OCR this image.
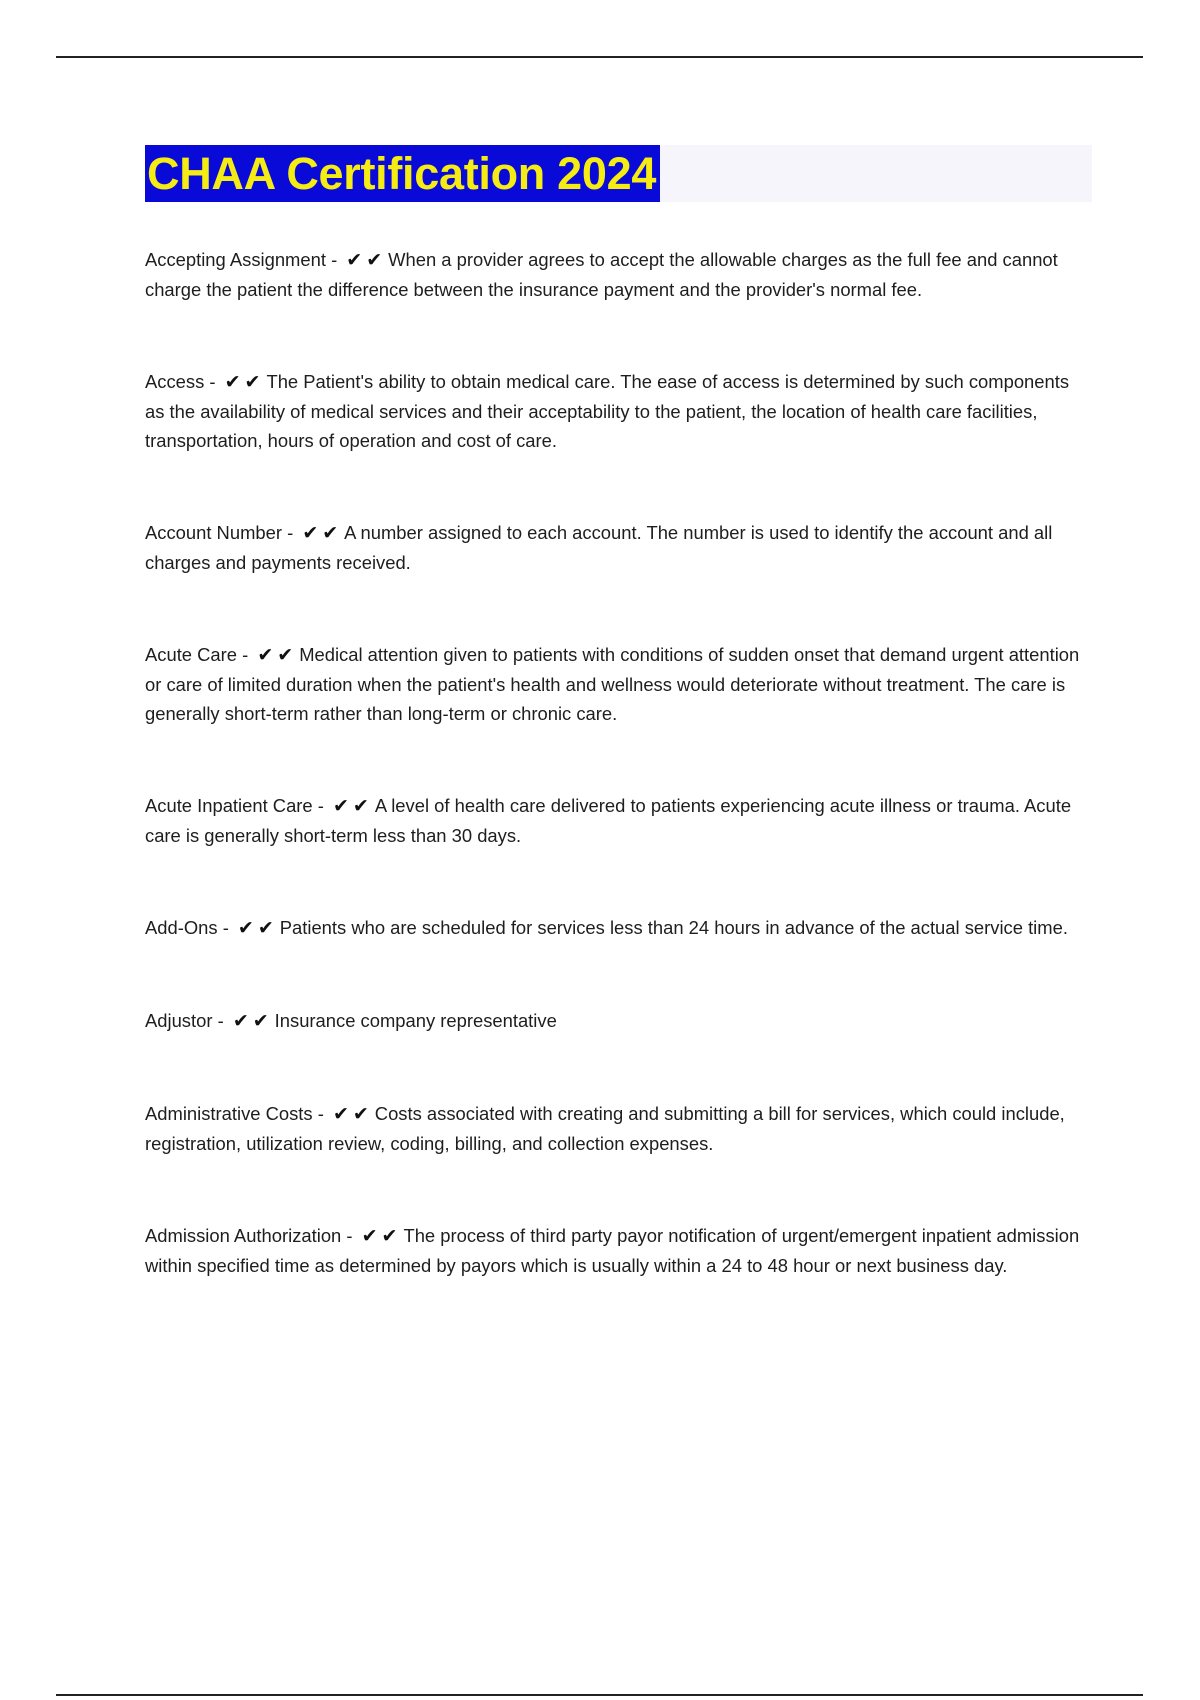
CHAA Certification 2024

Accepting Assignment - ✔✔ When a provider agrees to accept the allowable charges as the full fee and cannot charge the patient the difference between the insurance payment and the provider's normal fee.

Access - ✔✔ The Patient's ability to obtain medical care. The ease of access is determined by such components as the availability of medical services and their acceptability to the patient, the location of health care facilities, transportation, hours of operation and cost of care.

Account Number - ✔✔ A number assigned to each account. The number is used to identify the account and all charges and payments received.

Acute Care - ✔✔ Medical attention given to patients with conditions of sudden onset that demand urgent attention or care of limited duration when the patient's health and wellness would deteriorate without treatment. The care is generally short-term rather than long-term or chronic care.

Acute Inpatient Care - ✔✔ A level of health care delivered to patients experiencing acute illness or trauma. Acute care is generally short-term less than 30 days.

Add-Ons - ✔✔ Patients who are scheduled for services less than 24 hours in advance of the actual service time.

Adjustor - ✔✔ Insurance company representative

Administrative Costs - ✔✔ Costs associated with creating and submitting a bill for services, which could include, registration, utilization review, coding, billing, and collection expenses.

Admission Authorization - ✔✔ The process of third party payor notification of urgent/emergent inpatient admission within specified time as determined by payors which is usually within a 24 to 48 hour or next business day.
